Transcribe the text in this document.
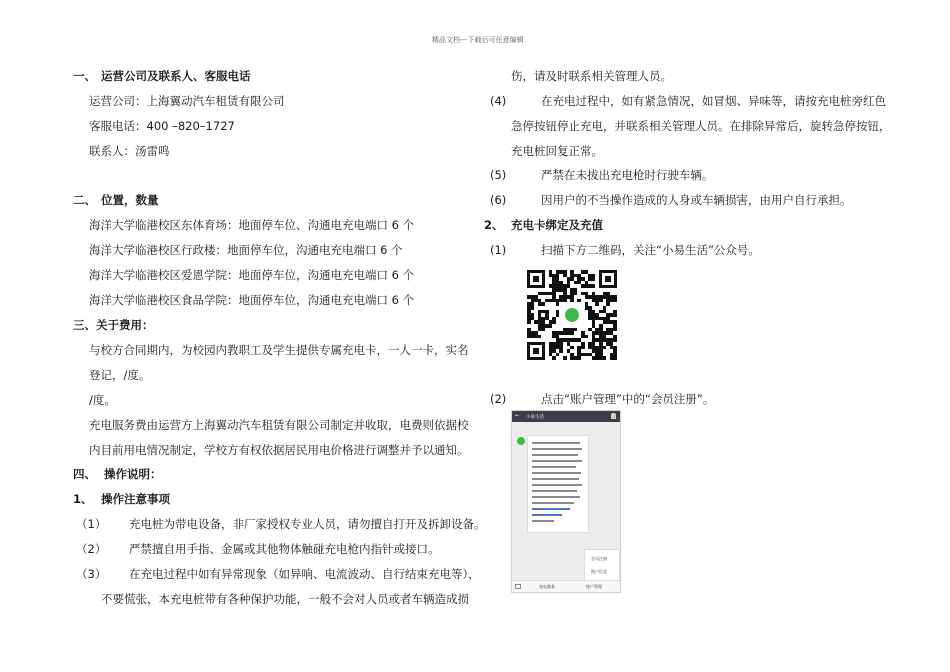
精品文档---下载后可任意编辑
一、 运营公司及联系人、客服电话
运营公司：上海翼动汽车租赁有限公司
客服电话：400 –820–1727
联系人：汤雷鸣
二、 位置，数量
海洋大学临港校区东体育场：地面停车位、沟通电充电端口 6 个
海洋大学临港校区行政楼：地面停车位，沟通电充电端口 6 个
海洋大学临港校区爱恩学院：地面停车位，沟通电充电端口 6 个
海洋大学临港校区食品学院：地面停车位，沟通电充电端口 6 个
三、关于费用：
与校方合同期内，为校园内教职工及学生提供专属充电卡，一人一卡，实名
登记，/度。
/度。
充电服务费由运营方上海翼动汽车租赁有限公司制定并收取，电费则依据校
内目前用电情况制定，学校方有权依据居民用电价格进行调整并予以通知。
四、 操作说明：
1、 操作注意事项
（1） 充电桩为带电设备，非厂家授权专业人员，请勿擅自打开及拆卸设备。
（2） 严禁擅自用手指、金属或其他物体触碰充电枪内指针或接口。
（3） 在充电过程中如有异常现象（如异响、电流波动、自行结束充电等），
不要慌张，本充电桩带有各种保护功能，一般不会对人员或者车辆造成损
伤，请及时联系相关管理人员。
(4)	在充电过程中，如有紧急情况，如冒烟、异味等，请按充电桩旁红色
急停按钮停止充电，并联系相关管理人员。在排除异常后，旋转急停按钮，
充电桩回复正常。
(5)	严禁在未拔出充电枪时行驶车辆。
(6)	因用户的不当操作造成的人身或车辆损害，由用户自行承担。
2、 充电卡绑定及充值
(1)	扫描下方二维码，关注“小易生活”公众号。
(2)	点击“账户管理”中的“会员注册”。
← 小易生活
会员注册
账户信息
充电服务	账户管理
